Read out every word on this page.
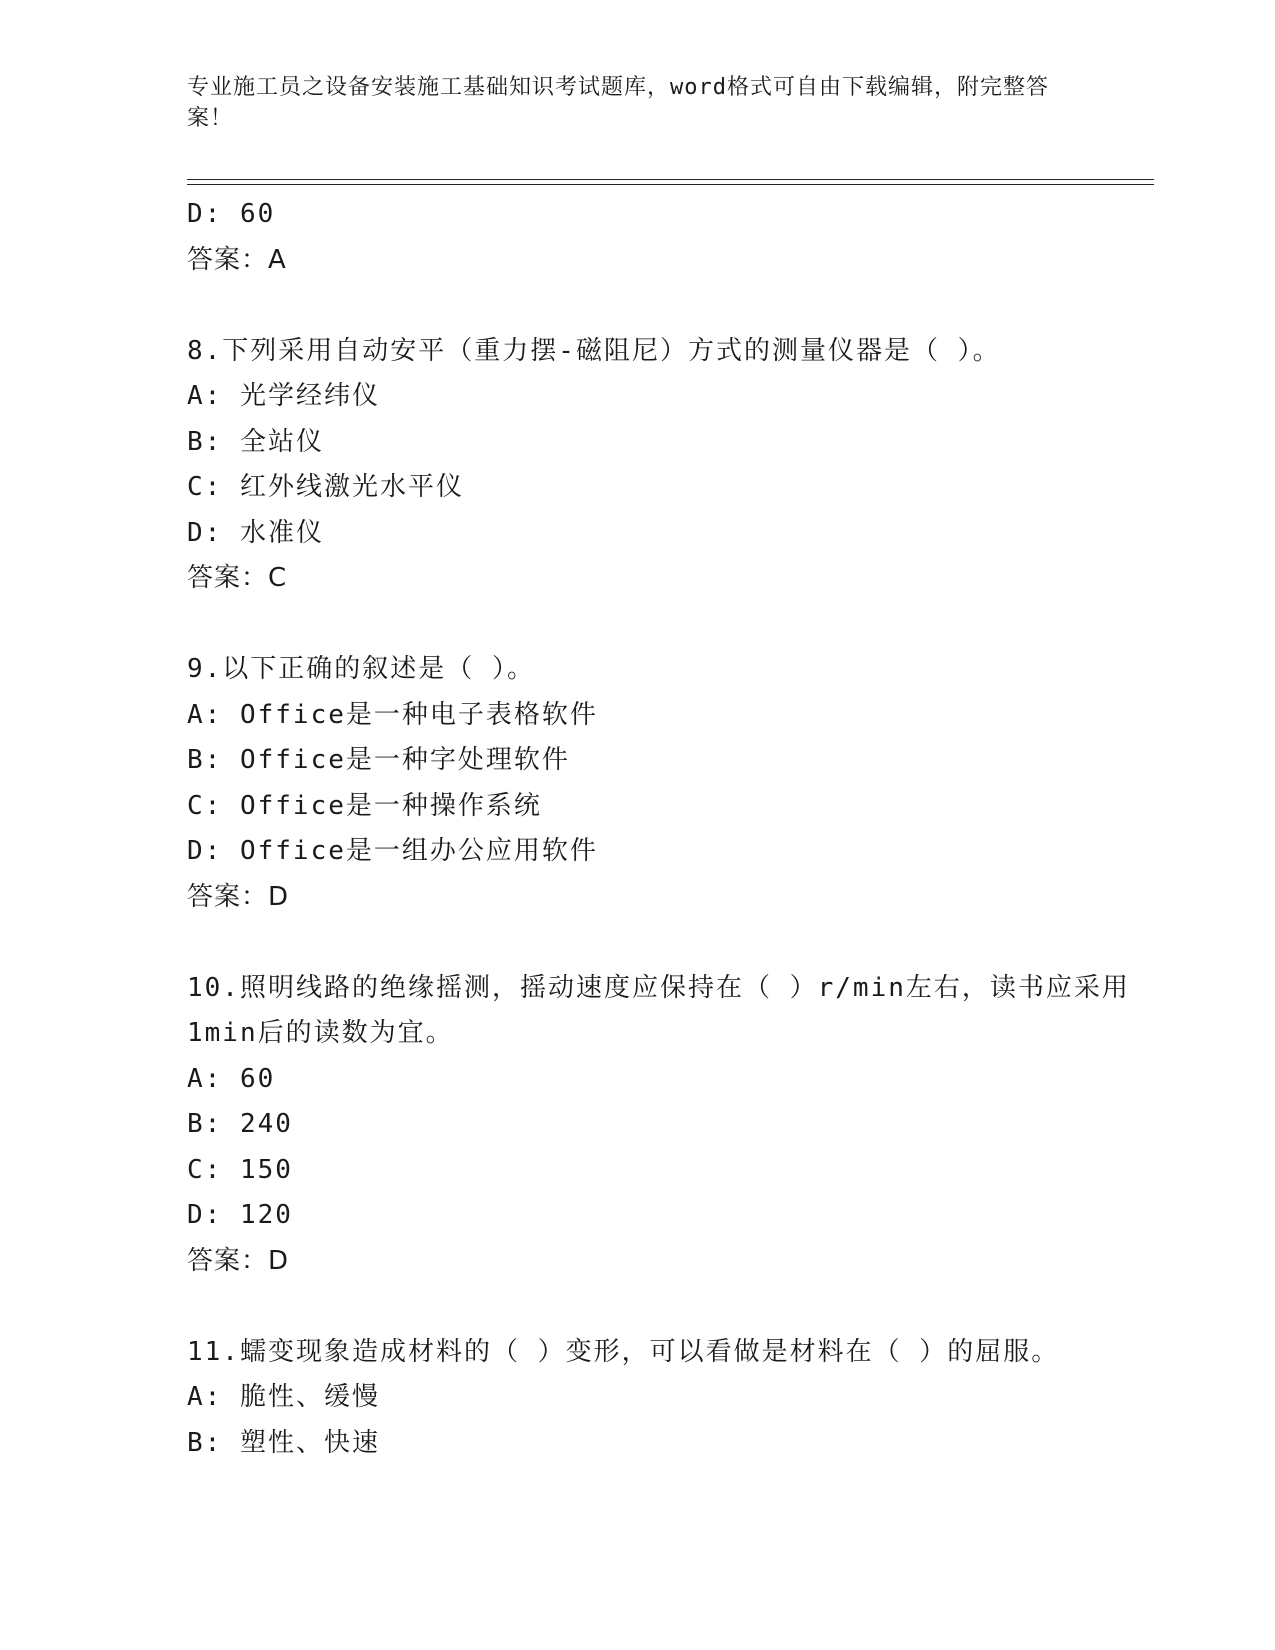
专业施工员之设备安装施工基础知识考试题库，word格式可自由下载编辑，附完整答案！
D: 60
答案：A
8.下列采用自动安平（重力摆-磁阻尼）方式的测量仪器是（ ）。
A: 光学经纬仪
B: 全站仪
C: 红外线激光水平仪
D: 水准仪
答案：C
9.以下正确的叙述是（ ）。
A: Office是一种电子表格软件
B: Office是一种字处理软件
C: Office是一种操作系统
D: Office是一组办公应用软件
答案：D
10.照明线路的绝缘摇测，摇动速度应保持在（ ）r/min左右，读书应采用1min后的读数为宜。
A: 60
B: 240
C: 150
D: 120
答案：D
11.蠕变现象造成材料的（ ）变形，可以看做是材料在（ ）的屈服。
A: 脆性、缓慢
B: 塑性、快速
